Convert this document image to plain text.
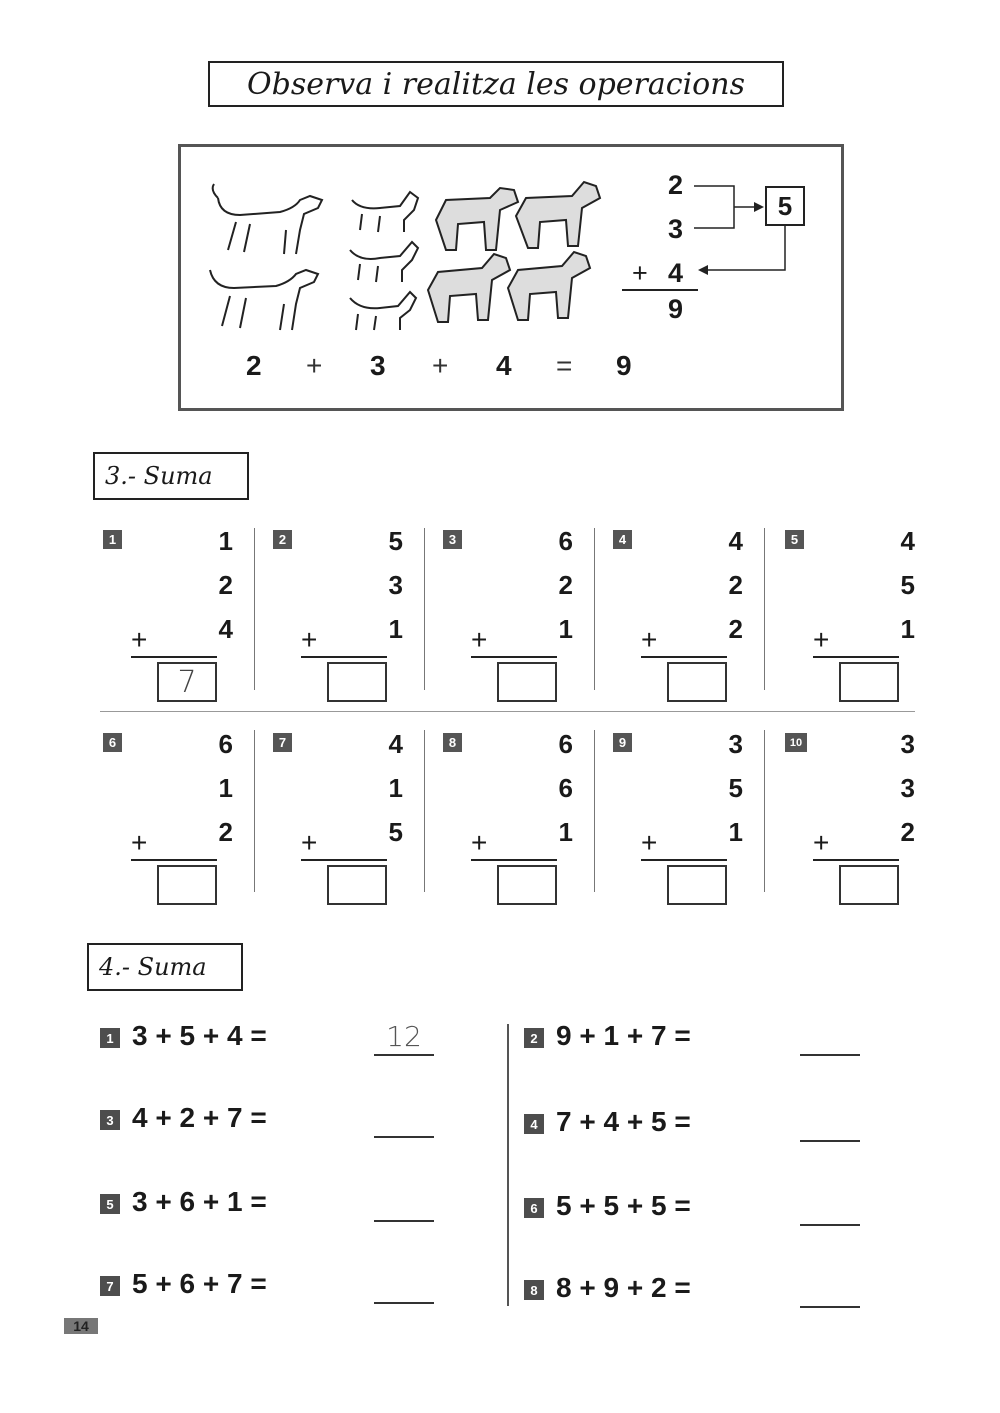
Observa i realitza les operacions
2
3
+ 4
9
5
2 + 3 + 4 = 9
3.- Suma
1	1
2
+	4
7
2	5
3
+	1
3	6
2
+	1
4	4
2
+	2
5	4
5
+	1
6	6
1
+	2
7	4
1
+	5
8	6
6
+	1
9	3
5
+	1
10	3
3
+	2
4.- Suma
1 3 + 5 + 4 =	12
3 4 + 2 + 7 =
5 3 + 6 + 1 =
7 5 + 6 + 7 =
2 9 + 1 + 7 =
4 7 + 4 + 5 =
6 5 + 5 + 5 =
8 8 + 9 + 2 =
14
